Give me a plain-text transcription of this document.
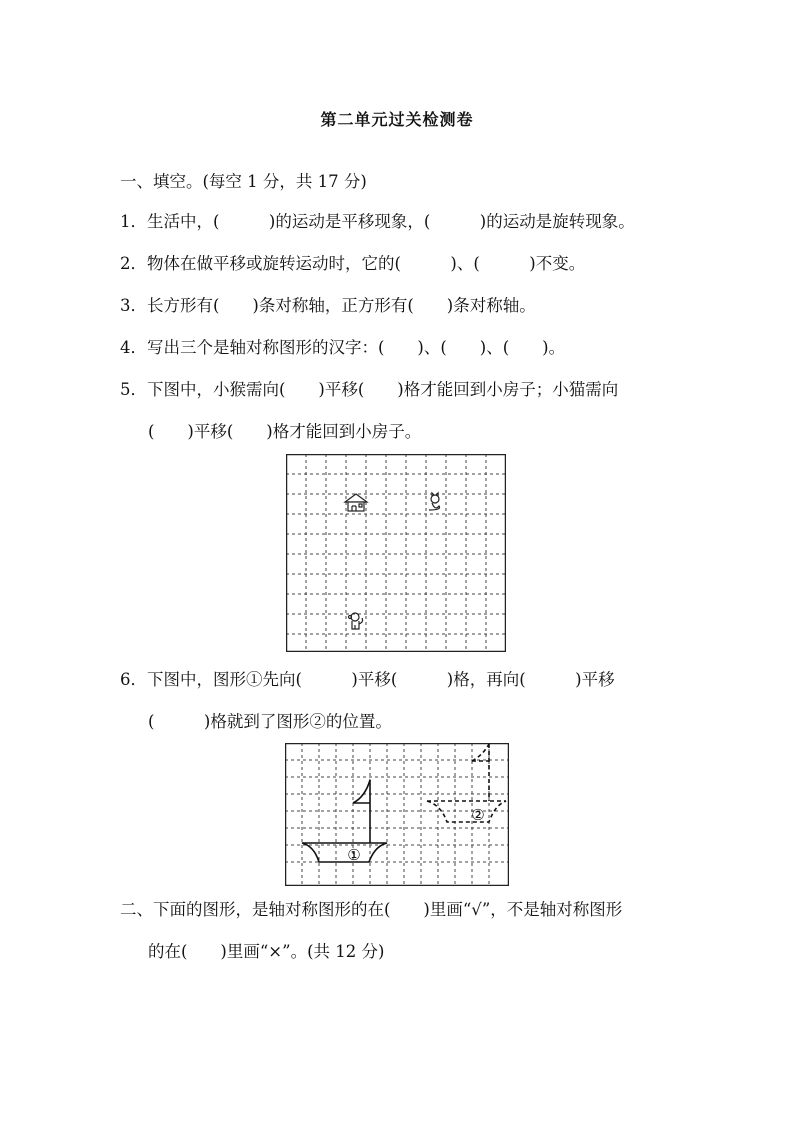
第二单元过关检测卷
一、填空。(每空 1 分，共 17 分)
1．生活中，(　　　)的运动是平移现象，(　　　)的运动是旋转现象。
2．物体在做平移或旋转运动时，它的(　　　)、(　　　)不变。
3．长方形有(　　)条对称轴，正方形有(　　)条对称轴。
4．写出三个是轴对称图形的汉字：(　　)、(　　)、(　　)。
5．下图中，小猴需向(　　)平移(　　)格才能回到小房子；小猫需向
(　　)平移(　　)格才能回到小房子。
6．下图中，图形①先向(　　　)平移(　　　)格，再向(　　　)平移
(　　　)格就到了图形②的位置。
①
②
二、下面的图形，是轴对称图形的在(　　)里画“√”，不是轴对称图形
的在(　　)里画“×”。(共 12 分)
